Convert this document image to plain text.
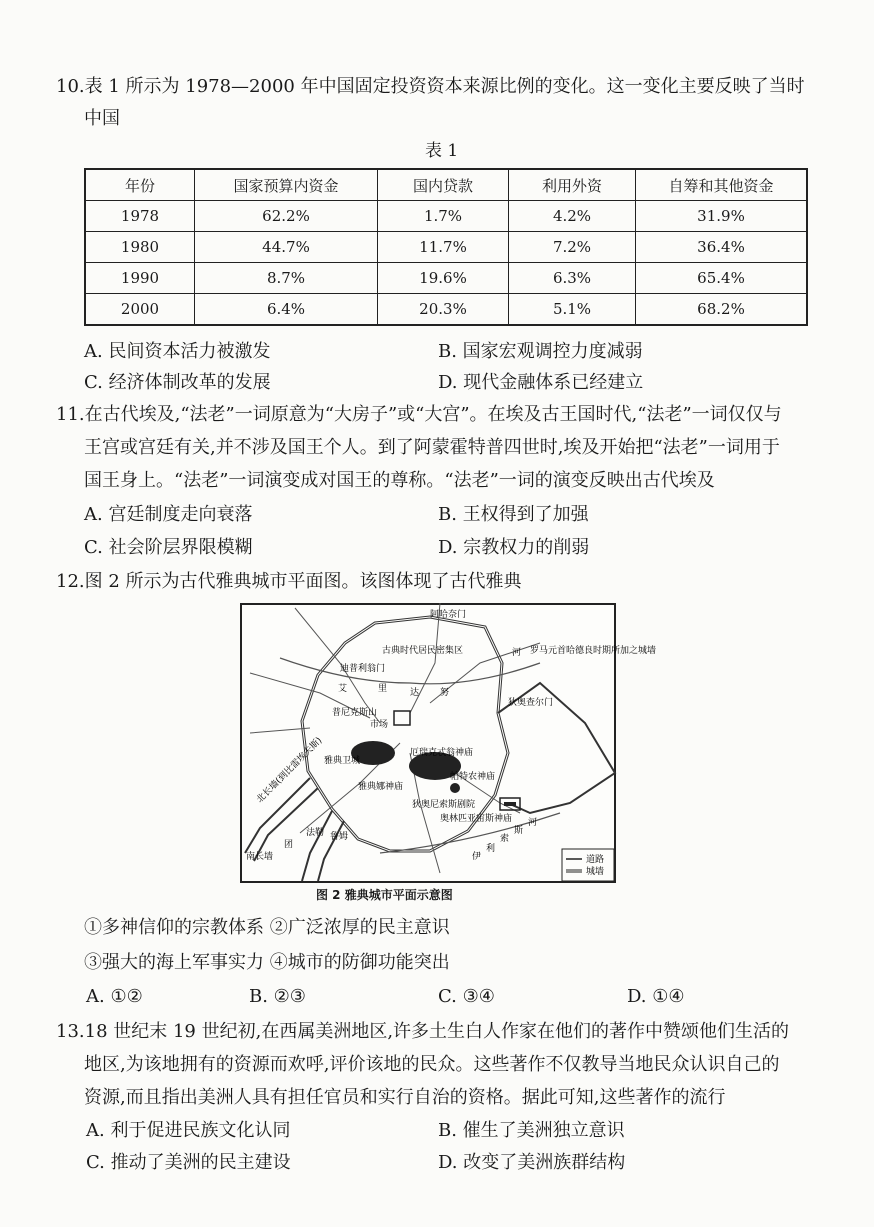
10.表 1 所示为 1978—2000 年中国固定投资资本来源比例的变化。这一变化主要反映了当时
中国
表 1
年份	国家预算内资金	国内贷款	利用外资	自筹和其他资金
1978	62.2%	1.7%	4.2%	31.9%
1980	44.7%	11.7%	7.2%	36.4%
1990	8.7%	19.6%	6.3%	65.4%
2000	6.4%	20.3%	5.1%	68.2%
A. 民间资本活力被激发	B. 国家宏观调控力度减弱
C. 经济体制改革的发展	D. 现代金融体系已经建立
11.在古代埃及,“法老”一词原意为“大房子”或“大宫”。在埃及古王国时代,“法老”一词仅仅与
王宫或宫廷有关,并不涉及国王个人。到了阿蒙霍特普四世时,埃及开始把“法老”一词用于
国王身上。“法老”一词演变成对国王的尊称。“法老”一词的演变反映出古代埃及
A. 宫廷制度走向衰落	B. 王权得到了加强
C. 社会阶层界限模糊	D. 宗教权力的削弱
12.图 2 所示为古代雅典城市平面图。该图体现了古代雅典
阿哈奈门
古典时代居民密集区
迪普利翁门
河 罗马元首哈德良时期所加之城墙
艾	里	达 努
狄奥查尔门
普尼克斯山
市场
北长墙(到比雷埃夫斯) 雅典卫城
厄瑞克忒翁神庙
帕特农神庙
雅典娜神庙
狄奥尼索斯剧院
奥林匹亚宙斯神庙
南长墙
团
法勒 鲁姆
伊
利
索
斯
河
道路
城墙
图 2 雅典城市平面示意图
①多神信仰的宗教体系 ②广泛浓厚的民主意识
③强大的海上军事实力 ④城市的防御功能突出
A. ①②	B. ②③	C. ③④	D. ①④
13.18 世纪末 19 世纪初,在西属美洲地区,许多土生白人作家在他们的著作中赞颂他们生活的
地区,为该地拥有的资源而欢呼,评价该地的民众。这些著作不仅教导当地民众认识自己的
资源,而且指出美洲人具有担任官员和实行自治的资格。据此可知,这些著作的流行
A. 利于促进民族文化认同	B. 催生了美洲独立意识
C. 推动了美洲的民主建设	D. 改变了美洲族群结构
